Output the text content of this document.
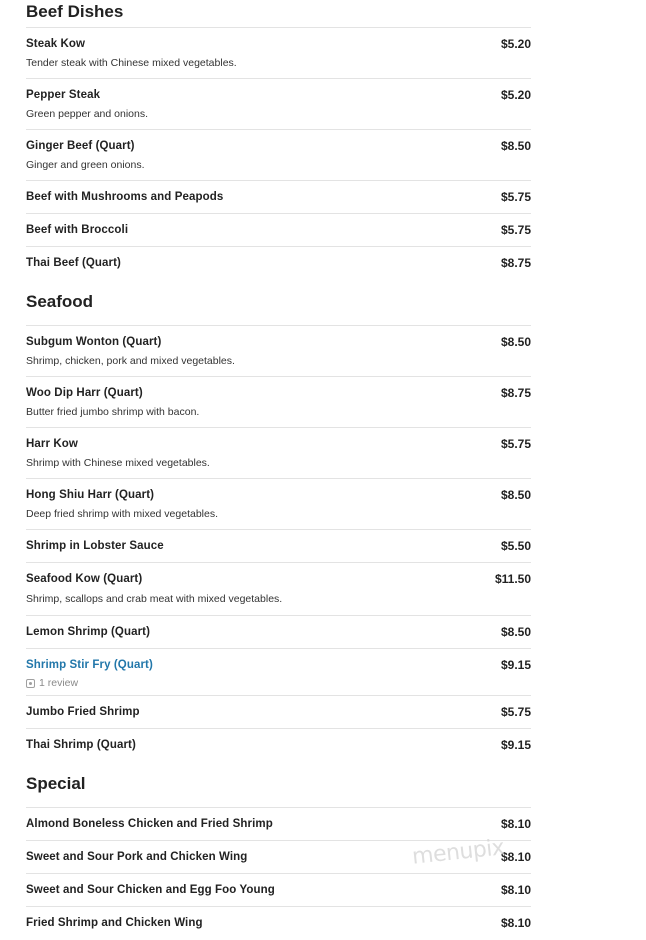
Beef Dishes
Steak Kow	$5.20
Tender steak with Chinese mixed vegetables.
Pepper Steak	$5.20
Green pepper and onions.
Ginger Beef (Quart)	$8.50
Ginger and green onions.
Beef with Mushrooms and Peapods	$5.75
Beef with Broccoli	$5.75
Thai Beef (Quart)	$8.75
Seafood
Subgum Wonton (Quart)	$8.50
Shrimp, chicken, pork and mixed vegetables.
Woo Dip Harr (Quart)	$8.75
Butter fried jumbo shrimp with bacon.
Harr Kow	$5.75
Shrimp with Chinese mixed vegetables.
Hong Shiu Harr (Quart)	$8.50
Deep fried shrimp with mixed vegetables.
Shrimp in Lobster Sauce	$5.50
Seafood Kow (Quart)	$11.50
Shrimp, scallops and crab meat with mixed vegetables.
Lemon Shrimp (Quart)	$8.50
Shrimp Stir Fry (Quart)	$9.15
1 review
Jumbo Fried Shrimp	$5.75
Thai Shrimp (Quart)	$9.15
Special
Almond Boneless Chicken and Fried Shrimp	$8.10
Sweet and Sour Pork and Chicken Wing	$8.10
Sweet and Sour Chicken and Egg Foo Young	$8.10
Fried Shrimp and Chicken Wing	$8.10
menupix
